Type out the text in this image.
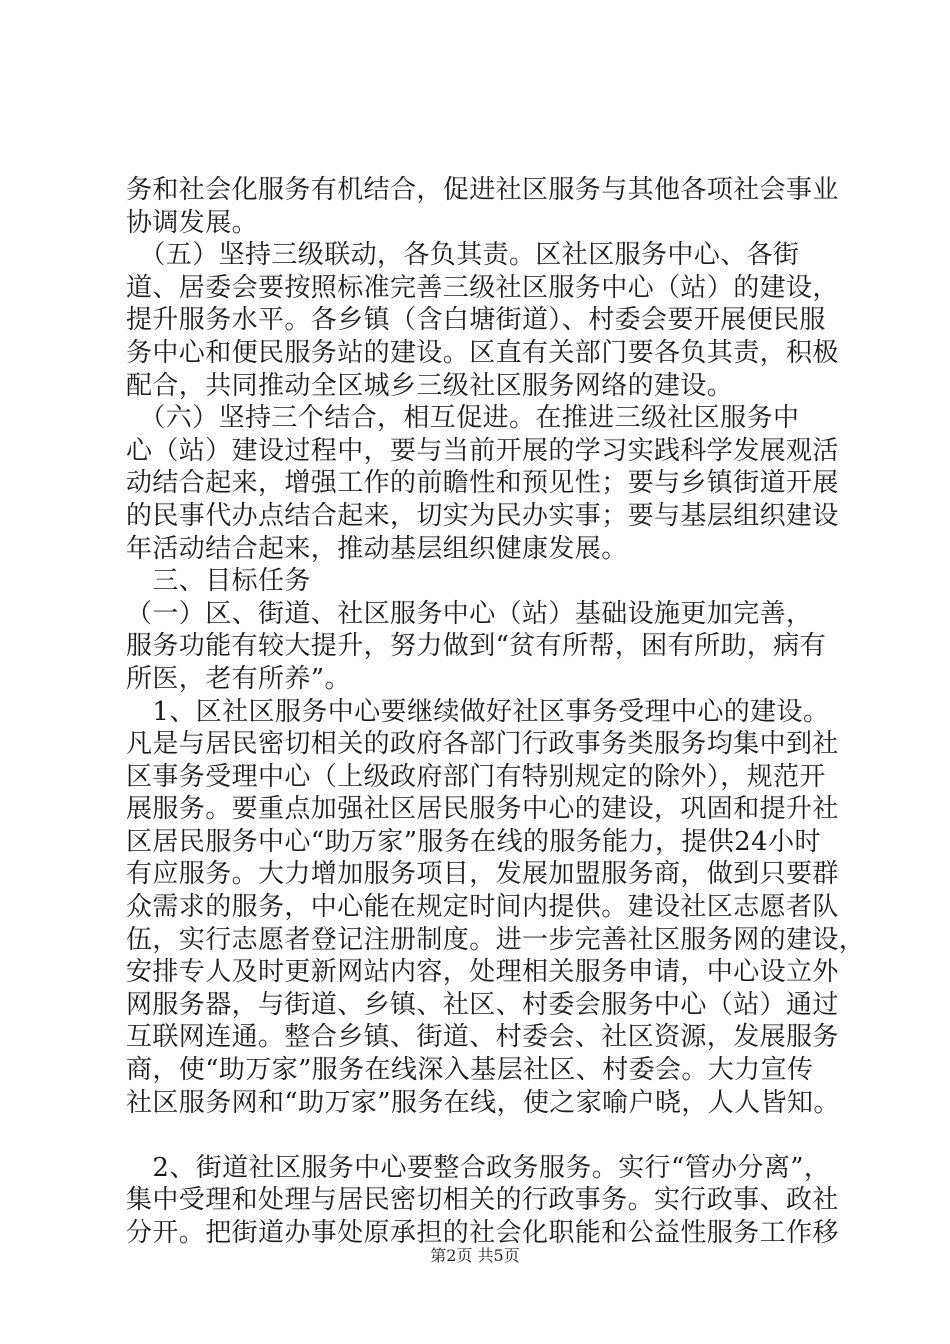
务和社会化服务有机结合，促进社区服务与其他各项社会事业
协调发展。
　（五）坚持三级联动，各负其责。区社区服务中心、各街
道、居委会要按照标准完善三级社区服务中心（站）的建设，
提升服务水平。各乡镇（含白塘街道）、村委会要开展便民服
务中心和便民服务站的建设。区直有关部门要各负其责，积极
配合，共同推动全区城乡三级社区服务网络的建设。
　（六）坚持三个结合，相互促进。在推进三级社区服务中
心（站）建设过程中，要与当前开展的学习实践科学发展观活
动结合起来，增强工作的前瞻性和预见性；要与乡镇街道开展
的民事代办点结合起来，切实为民办实事；要与基层组织建设
年活动结合起来，推动基层组织健康发展。
　三、目标任务
（一）区、街道、社区服务中心（站）基础设施更加完善，
服务功能有较大提升，努力做到“贫有所帮，困有所助，病有
所医，老有所养”。
　1、区社区服务中心要继续做好社区事务受理中心的建设。
凡是与居民密切相关的政府各部门行政事务类服务均集中到社
区事务受理中心（上级政府部门有特别规定的除外），规范开
展服务。要重点加强社区居民服务中心的建设，巩固和提升社
区居民服务中心“助万家”服务在线的服务能力，提供24小时
有应服务。大力增加服务项目，发展加盟服务商，做到只要群
众需求的服务，中心能在规定时间内提供。建设社区志愿者队
伍，实行志愿者登记注册制度。进一步完善社区服务网的建设，
安排专人及时更新网站内容，处理相关服务申请，中心设立外
网服务器，与街道、乡镇、社区、村委会服务中心（站）通过
互联网连通。整合乡镇、街道、村委会、社区资源，发展服务
商，使“助万家”服务在线深入基层社区、村委会。大力宣传
社区服务网和“助万家”服务在线，使之家喻户晓，人人皆知。
　2、街道社区服务中心要整合政务服务。实行“管办分离”，
集中受理和处理与居民密切相关的行政事务。实行政事、政社
分开。把街道办事处原承担的社会化职能和公益性服务工作移
第2页 共5页
